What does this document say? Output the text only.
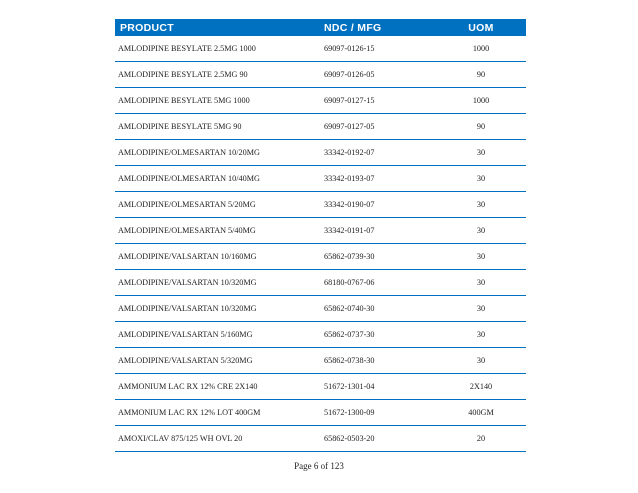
PRODUCT	NDC / MFG	UOM
AMLODIPINE BESYLATE 2.5MG 1000	69097-0126-15	1000
AMLODIPINE BESYLATE 2.5MG 90	69097-0126-05	90
AMLODIPINE BESYLATE 5MG 1000	69097-0127-15	1000
AMLODIPINE BESYLATE 5MG 90	69097-0127-05	90
AMLODIPINE/OLMESARTAN 10/20MG	33342-0192-07	30
AMLODIPINE/OLMESARTAN 10/40MG	33342-0193-07	30
AMLODIPINE/OLMESARTAN 5/20MG	33342-0190-07	30
AMLODIPINE/OLMESARTAN 5/40MG	33342-0191-07	30
AMLODIPINE/VALSARTAN 10/160MG	65862-0739-30	30
AMLODIPINE/VALSARTAN 10/320MG	68180-0767-06	30
AMLODIPINE/VALSARTAN 10/320MG	65862-0740-30	30
AMLODIPINE/VALSARTAN 5/160MG	65862-0737-30	30
AMLODIPINE/VALSARTAN 5/320MG	65862-0738-30	30
AMMONIUM LAC RX 12% CRE 2X140	51672-1301-04	2X140
AMMONIUM LAC RX 12% LOT 400GM	51672-1300-09	400GM
AMOXI/CLAV 875/125 WH OVL 20	65862-0503-20	20
Page 6 of 123
